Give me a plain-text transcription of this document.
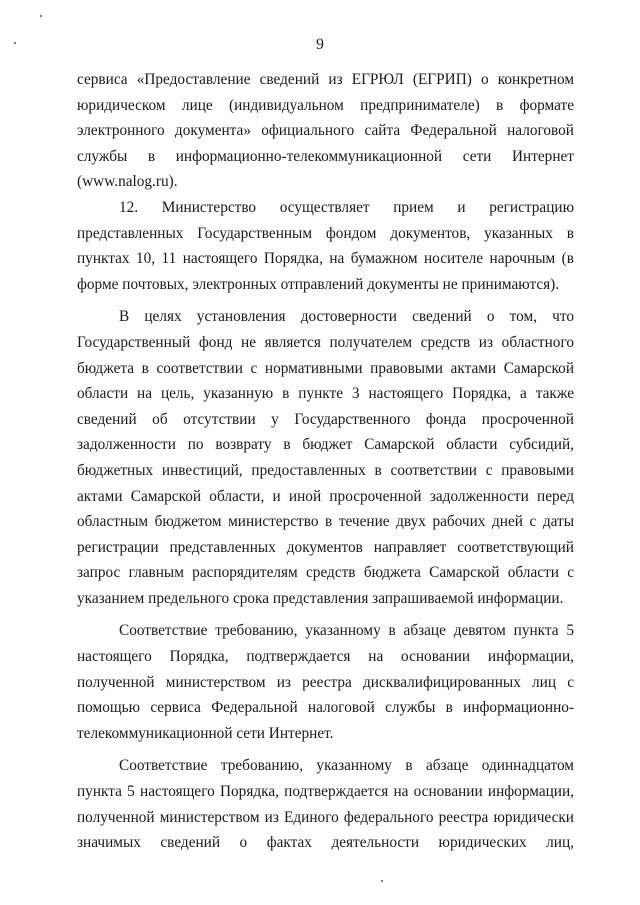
9
сервиса «Предоставление сведений из ЕГРЮЛ (ЕГРИП) о конкретном
юридическом лице (индивидуальном предпринимателе) в формате
электронного документа» официального сайта Федеральной налоговой
службы в информационно-телекоммуникационной сети Интернет
(www.nalog.ru).
12. Министерство осуществляет прием и регистрацию
представленных Государственным фондом документов, указанных в
пунктах 10, 11 настоящего Порядка, на бумажном носителе нарочным (в
форме почтовых, электронных отправлений документы не принимаются).
В целях установления достоверности сведений о том, что
Государственный фонд не является получателем средств из областного
бюджета в соответствии с нормативными правовыми актами Самарской
области на цель, указанную в пункте 3 настоящего Порядка, а также
сведений об отсутствии у Государственного фонда просроченной
задолженности по возврату в бюджет Самарской области субсидий,
бюджетных инвестиций, предоставленных в соответствии с правовыми
актами Самарской области, и иной просроченной задолженности перед
областным бюджетом министерство в течение двух рабочих дней с даты
регистрации представленных документов направляет соответствующий
запрос главным распорядителям средств бюджета Самарской области с
указанием предельного срока представления запрашиваемой информации.
Соответствие требованию, указанному в абзаце девятом пункта 5
настоящего Порядка, подтверждается на основании информации,
полученной министерством из реестра дисквалифицированных лиц с
помощью сервиса Федеральной налоговой службы в информационно-
телекоммуникационной сети Интернет.
Соответствие требованию, указанному в абзаце одиннадцатом
пункта 5 настоящего Порядка, подтверждается на основании информации,
полученной министерством из Единого федерального реестра юридически
значимых сведений о фактах деятельности юридических лиц,
